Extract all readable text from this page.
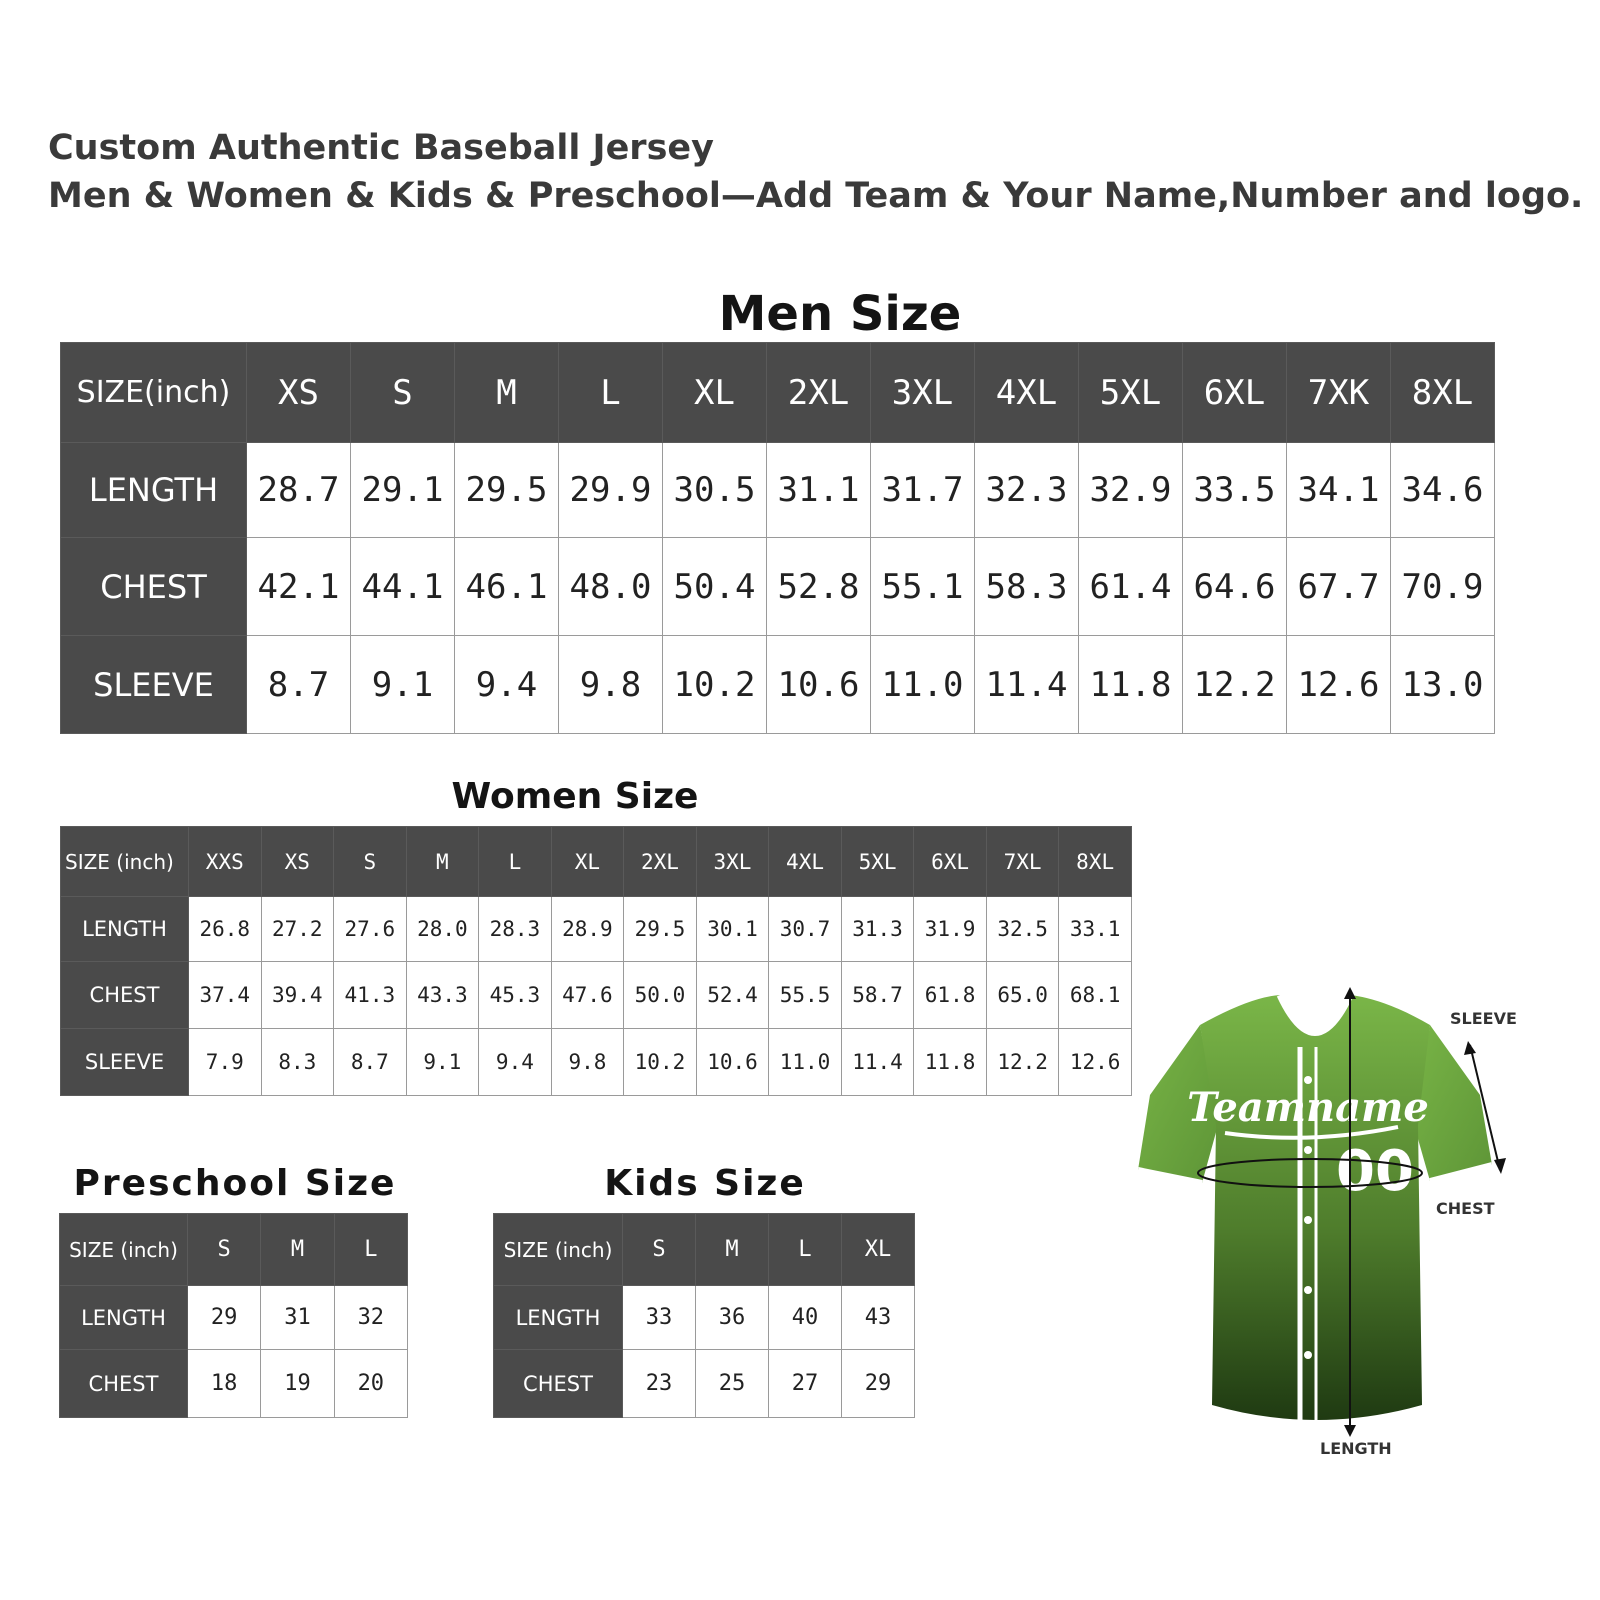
Custom Authentic Baseball Jersey
Men & Women & Kids & Preschool—Add Team & Your Name,Number and logo.
Men Size
SIZE(inch)	XS	S	M	L	XL	2XL	3XL	4XL	5XL	6XL	7XK	8XL
LENGTH	28.7	29.1	29.5	29.9	30.5	31.1	31.7	32.3	32.9	33.5	34.1	34.6
CHEST	42.1	44.1	46.1	48.0	50.4	52.8	55.1	58.3	61.4	64.6	67.7	70.9
SLEEVE	8.7	9.1	9.4	9.8	10.2	10.6	11.0	11.4	11.8	12.2	12.6	13.0
Women Size
SIZE (inch)	XXS	XS	S	M	L	XL	2XL	3XL	4XL	5XL	6XL	7XL	8XL
LENGTH	26.8	27.2	27.6	28.0	28.3	28.9	29.5	30.1	30.7	31.3	31.9	32.5	33.1
CHEST	37.4	39.4	41.3	43.3	45.3	47.6	50.0	52.4	55.5	58.7	61.8	65.0	68.1
SLEEVE	7.9	8.3	8.7	9.1	9.4	9.8	10.2	10.6	11.0	11.4	11.8	12.2	12.6
Preschool Size
SIZE (inch)	S	M	L
LENGTH	29	31	32
CHEST	18	19	20
Kids Size
SIZE (inch)	S	M	L	XL
LENGTH	33	36	40	43
CHEST	23	25	27	29
Teamname
00
SLEEVE
CHEST
LENGTH
